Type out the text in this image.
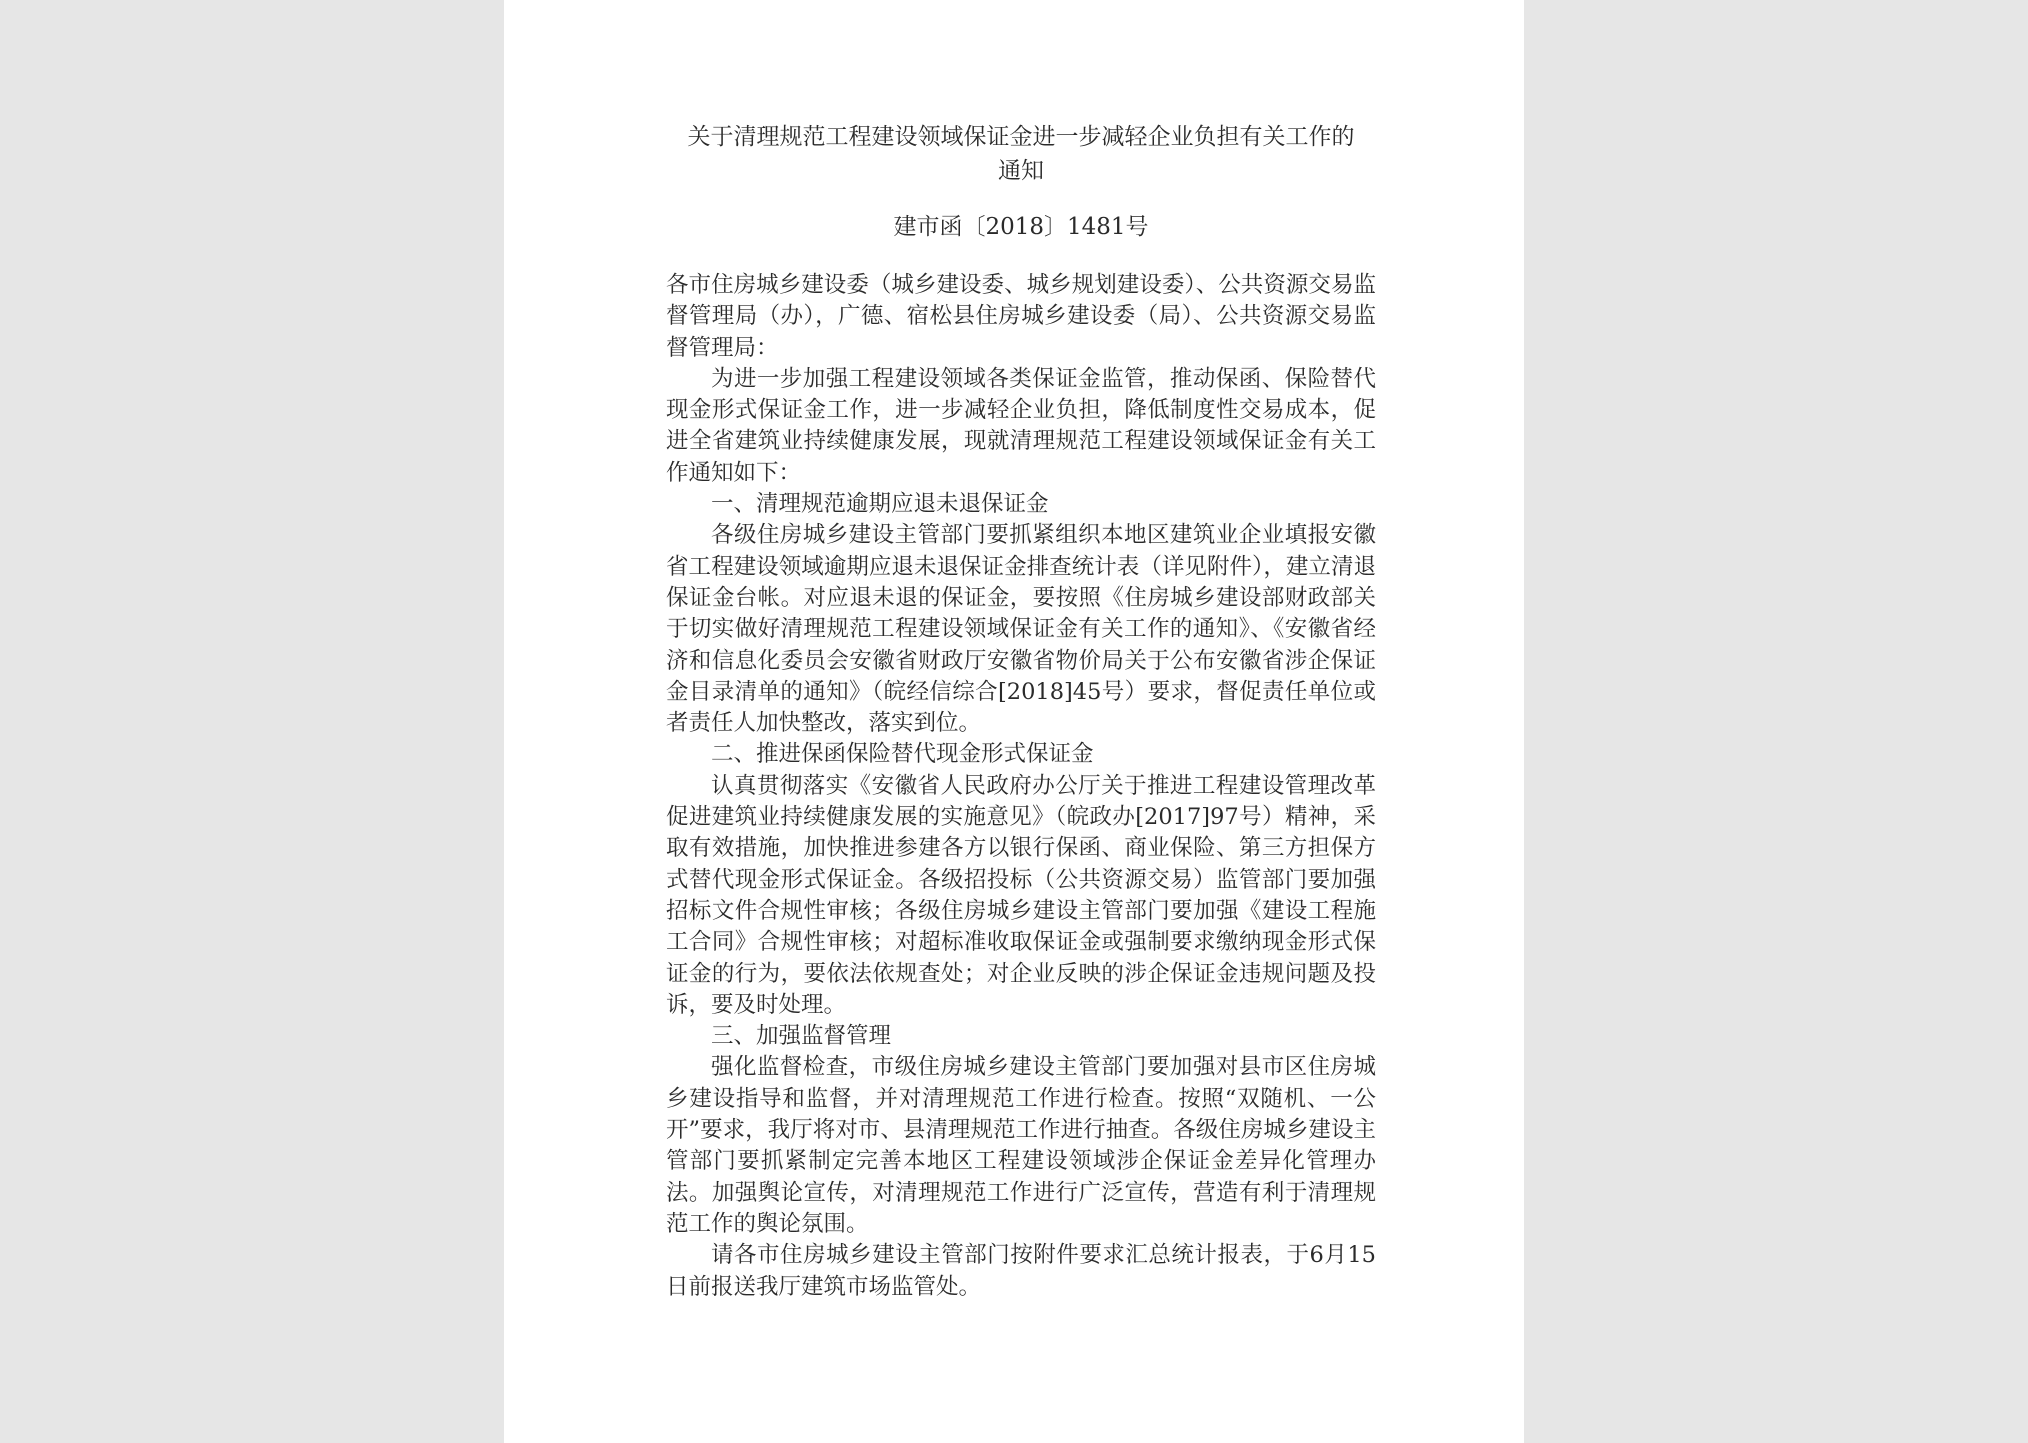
关于清理规范工程建设领域保证金进一步减轻企业负担有关工作的
通知

建市函〔2018〕1481号

各市住房城乡建设委（城乡建设委、城乡规划建设委）、公共资源交易监督管理局（办），广德、宿松县住房城乡建设委（局）、公共资源交易监督管理局：

为进一步加强工程建设领域各类保证金监管，推动保函、保险替代现金形式保证金工作，进一步减轻企业负担，降低制度性交易成本，促进全省建筑业持续健康发展，现就清理规范工程建设领域保证金有关工作通知如下：

一、清理规范逾期应退未退保证金

各级住房城乡建设主管部门要抓紧组织本地区建筑业企业填报安徽省工程建设领域逾期应退未退保证金排查统计表（详见附件），建立清退保证金台帐。对应退未退的保证金，要按照《住房城乡建设部财政部关于切实做好清理规范工程建设领域保证金有关工作的通知》、《安徽省经济和信息化委员会安徽省财政厅安徽省物价局关于公布安徽省涉企保证金目录清单的通知》（皖经信综合[2018]45号）要求，督促责任单位或者责任人加快整改，落实到位。

二、推进保函保险替代现金形式保证金

认真贯彻落实《安徽省人民政府办公厅关于推进工程建设管理改革促进建筑业持续健康发展的实施意见》（皖政办[2017]97号）精神，采取有效措施，加快推进参建各方以银行保函、商业保险、第三方担保方式替代现金形式保证金。各级招投标（公共资源交易）监管部门要加强招标文件合规性审核；各级住房城乡建设主管部门要加强《建设工程施工合同》合规性审核；对超标准收取保证金或强制要求缴纳现金形式保证金的行为，要依法依规查处；对企业反映的涉企保证金违规问题及投诉，要及时处理。

三、加强监督管理

强化监督检查，市级住房城乡建设主管部门要加强对县市区住房城乡建设指导和监督，并对清理规范工作进行检查。按照“双随机、一公开”要求，我厅将对市、县清理规范工作进行抽查。各级住房城乡建设主管部门要抓紧制定完善本地区工程建设领域涉企保证金差异化管理办法。加强舆论宣传，对清理规范工作进行广泛宣传，营造有利于清理规范工作的舆论氛围。

请各市住房城乡建设主管部门按附件要求汇总统计报表，于6月15日前报送我厅建筑市场监管处。
